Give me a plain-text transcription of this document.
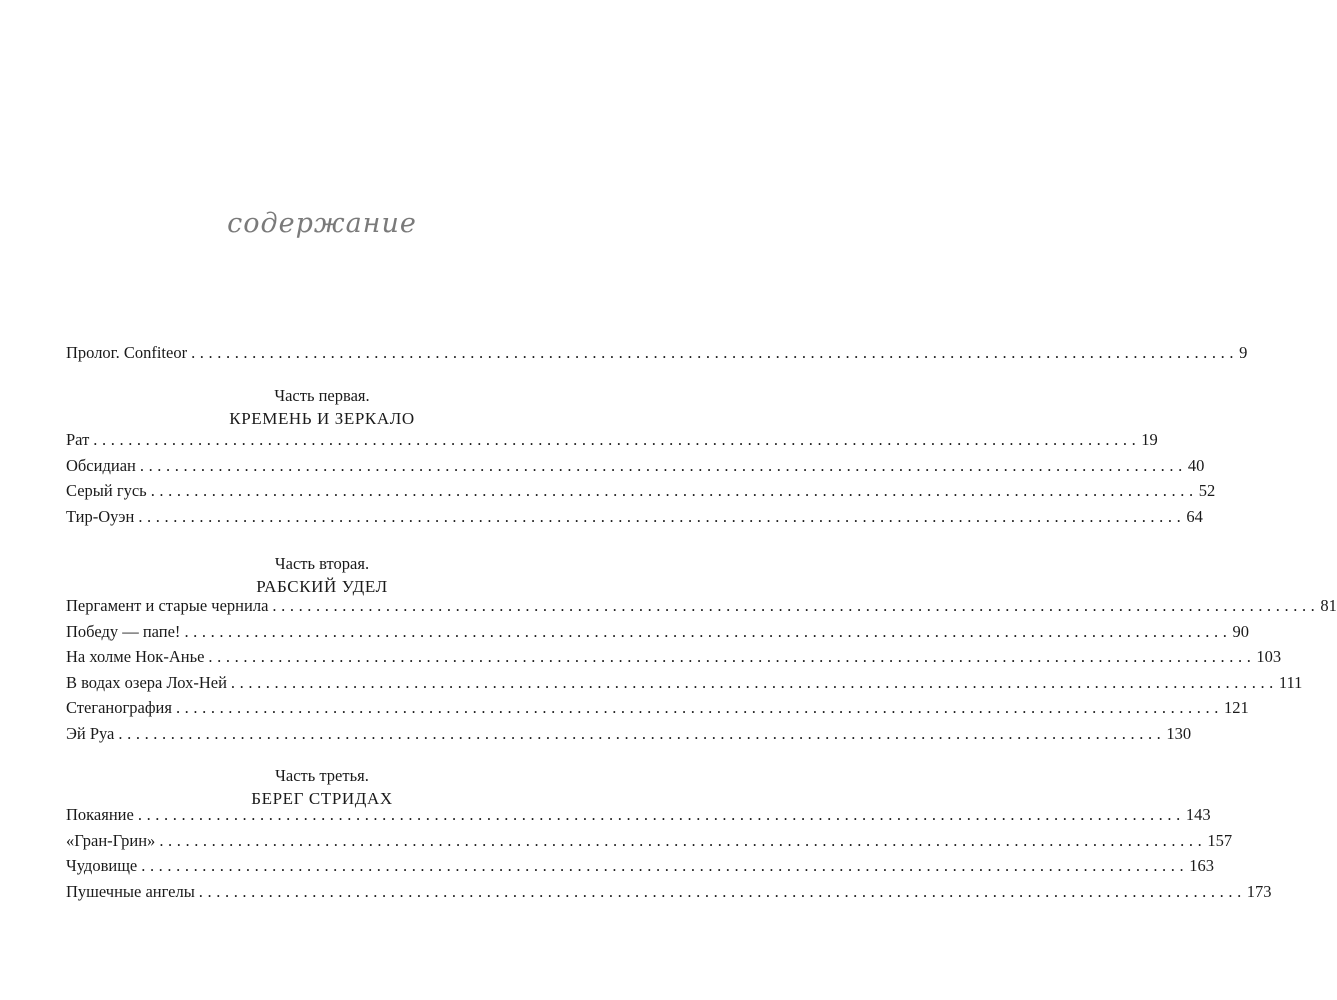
содержание
Пролог. Confiteor ........................................................................................................................ 9
Часть первая.
КРЕМЕНЬ И ЗЕРКАЛО
Рат ........................................................................................................................ 19
Обсидиан ........................................................................................................................ 40
Серый гусь ........................................................................................................................ 52
Тир-Оуэн ........................................................................................................................ 64
Часть вторая.
РАБСКИЙ УДЕЛ
Пергамент и старые чернила ........................................................................................................................ 81
Победу — папе! ........................................................................................................................ 90
На холме Нок-Анье ........................................................................................................................ 103
В водах озера Лох-Ней ........................................................................................................................ 111
Стеганография ........................................................................................................................ 121
Эй Руа ........................................................................................................................ 130
Часть третья.
БЕРЕГ СТРИДАХ
Покаяние ........................................................................................................................ 143
«Гран-Грин» ........................................................................................................................ 157
Чудовище ........................................................................................................................ 163
Пушечные ангелы ........................................................................................................................ 173
